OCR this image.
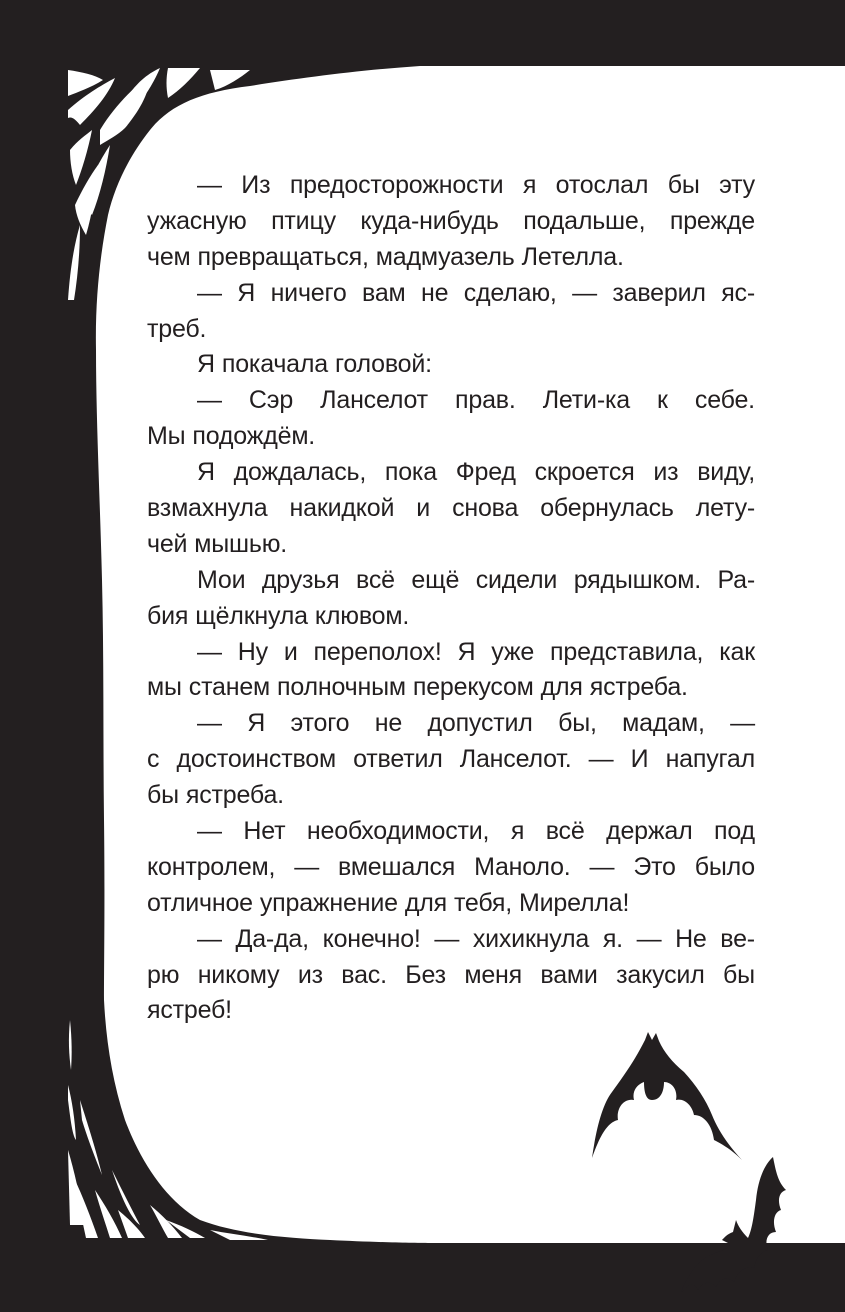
— Из предосторожности я отослал бы эту
ужасную птицу куда-нибудь подальше, прежде
чем превращаться, мадмуазель Летелла.
— Я ничего вам не сделаю, — заверил яс-
треб.
Я покачала головой:
— Сэр Ланселот прав. Лети-ка к себе.
Мы подождём.
Я дождалась, пока Фред скроется из виду,
взмахнула накидкой и снова обернулась лету-
чей мышью.
Мои друзья всё ещё сидели рядышком. Ра-
бия щёлкнула клювом.
— Ну и переполох! Я уже представила, как
мы станем полночным перекусом для ястреба.
— Я этого не допустил бы, мадам, —
с достоинством ответил Ланселот. — И напугал
бы ястреба.
— Нет необходимости, я всё держал под
контролем, — вмешался Маноло. — Это было
отличное упражнение для тебя, Мирелла!
— Да-да, конечно! — хихикнула я. — Не ве-
рю никому из вас. Без меня вами закусил бы
ястреб!
